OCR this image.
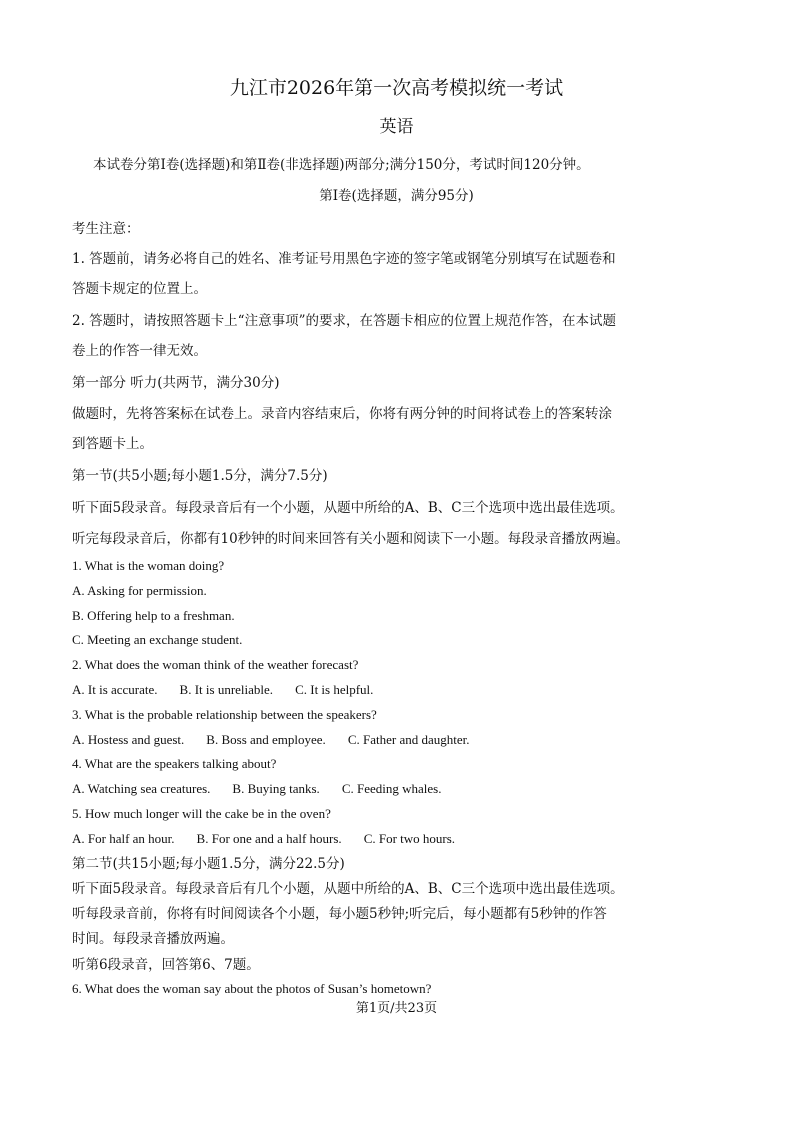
九江市2026年第一次高考模拟统一考试
英语
本试卷分第Ⅰ卷(选择题)和第Ⅱ卷(非选择题)两部分;满分150分，考试时间120分钟。
第Ⅰ卷(选择题，满分95分)
考生注意：
1. 答题前，请务必将自己的姓名、准考证号用黑色字迹的签字笔或钢笔分别填写在试题卷和
答题卡规定的位置上。
2. 答题时，请按照答题卡上“注意事项”的要求，在答题卡相应的位置上规范作答，在本试题
卷上的作答一律无效。
第一部分 听力(共两节，满分30分)
做题时，先将答案标在试卷上。录音内容结束后，你将有两分钟的时间将试卷上的答案转涂
到答题卡上。
第一节(共5小题;每小题1.5分，满分7.5分)
听下面5段录音。每段录音后有一个小题，从题中所给的A、B、C三个选项中选出最佳选项。
听完每段录音后，你都有10秒钟的时间来回答有关小题和阅读下一小题。每段录音播放两遍。
1. What is the woman doing?
A. Asking for permission.
B. Offering help to a freshman.
C. Meeting an exchange student.
2. What does the woman think of the weather forecast?
A. It is accurate. B. It is unreliable. C. It is helpful.
3. What is the probable relationship between the speakers?
A. Hostess and guest. B. Boss and employee. C. Father and daughter.
4. What are the speakers talking about?
A. Watching sea creatures. B. Buying tanks. C. Feeding whales.
5. How much longer will the cake be in the oven?
A. For half an hour. B. For one and a half hours. C. For two hours.
第二节(共15小题;每小题1.5分，满分22.5分)
听下面5段录音。每段录音后有几个小题，从题中所给的A、B、C三个选项中选出最佳选项。
听每段录音前，你将有时间阅读各个小题，每小题5秒钟;听完后，每小题都有5秒钟的作答
时间。每段录音播放两遍。
听第6段录音，回答第6、7题。
6. What does the woman say about the photos of Susan’s hometown?
第1页/共23页
